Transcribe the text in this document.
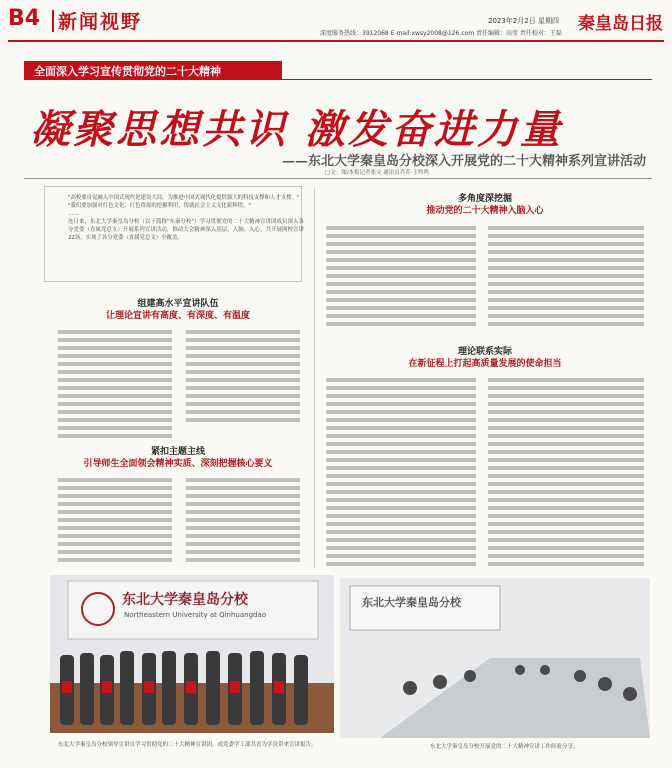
B4 新闻视野	2023年2月2日 星期四
深度服务热线：3912068 E-mail:xwsy2008@126.com 责任编辑：高莹 责任校对：王磊 秦皇岛日报
全面深入学习宣传贯彻党的二十大精神
凝聚思想共识 激发奋进力量
——东北大学秦皇岛分校深入开展党的二十大精神系列宣讲活动
□文：图/本报记者张文 通讯员乔乔 王鸣鸣
"高校要自觉融入中国式现代化建设大局，为推进中国式现代化提供强大的科技支撑和人才支撑。"
"我们要加强对红色文化、红色资源的挖掘利用，铸就社会主义文化新辉煌。"
……
连日来，东北大学秦皇岛分校（以下简称"东秦分校"）学习贯彻党的二十大精神宣讲团成员深入各分党委（直属党总支）开展系列宣讲活动，推动大会精神深入基层、入脑、入心。共开展网校宣讲22场，实现了各分党委（直属党总支）全覆盖。
组建高水平宣讲队伍
让理论宣讲有高度、有深度、有温度
紧扣主题主线
引导师生全面领会精神实质、深刻把握核心要义
多角度深挖掘
推动党的二十大精神入脑入心
理论联系实际
在新征程上打起高质量发展的使命担当
东北大学秦皇岛分校
Northeastern University at Qinhuangdao
东北大学秦皇岛分校
东北大学秦皇岛分校领导宣讲员学习贯彻党的二十大精神宣讲团，成党委学工部共青为学员带来宣讲报告。	东北大学秦皇岛分校开展党的二十大精神宣讲工作经验分享。
